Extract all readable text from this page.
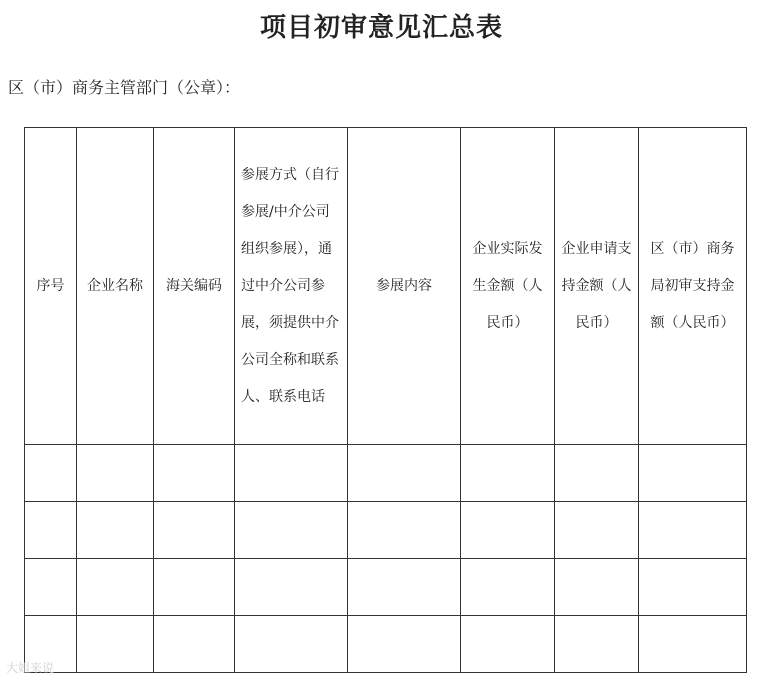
项目初审意见汇总表
区（市）商务主管部门（公章）：
序号	企业名称	海关编码	参展方式（自行参展/中介公司组织参展），通过中介公司参展，须提供中介公司全称和联系人、联系电话	参展内容	企业实际发生金额（人民币）	企业申请支持金额（人民币）	区（市）商务局初审支持金额（人民币）

大姐来说
